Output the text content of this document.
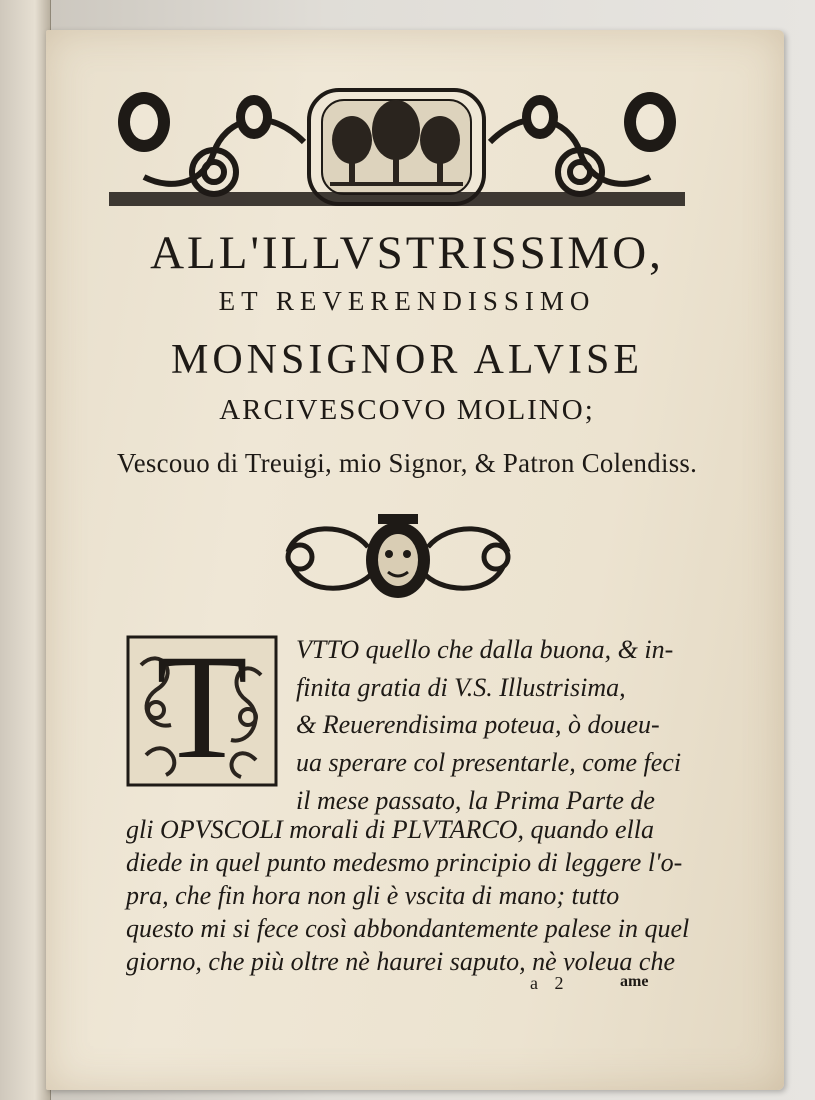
ALL'ILLVSTRISSIMO,
ET REVERENDISSIMO
MONSIGNOR ALVISE
ARCIVESCOVO MOLINO;
Vescouo di Treuigi, mio Signor, & Patron Colendiss.
T	VTTO quello che dalla buona, & in-
finita gratia di V.S. Illustrisima,
& Reuerendisima poteua, ò doueu-
ua sperare col presentarle, come feci
il mese passato, la Prima Parte de
gli OPVSCOLI morali di PLVTARCO, quando ella
diede in quel punto medesmo principio di leggere l'o-
pra, che fin hora non gli è vscita di mano; tutto
questo mi si fece così abbondantemente palese in quel
giorno, che più oltre nè haurei saputo, nè voleua che
a 2	ame
